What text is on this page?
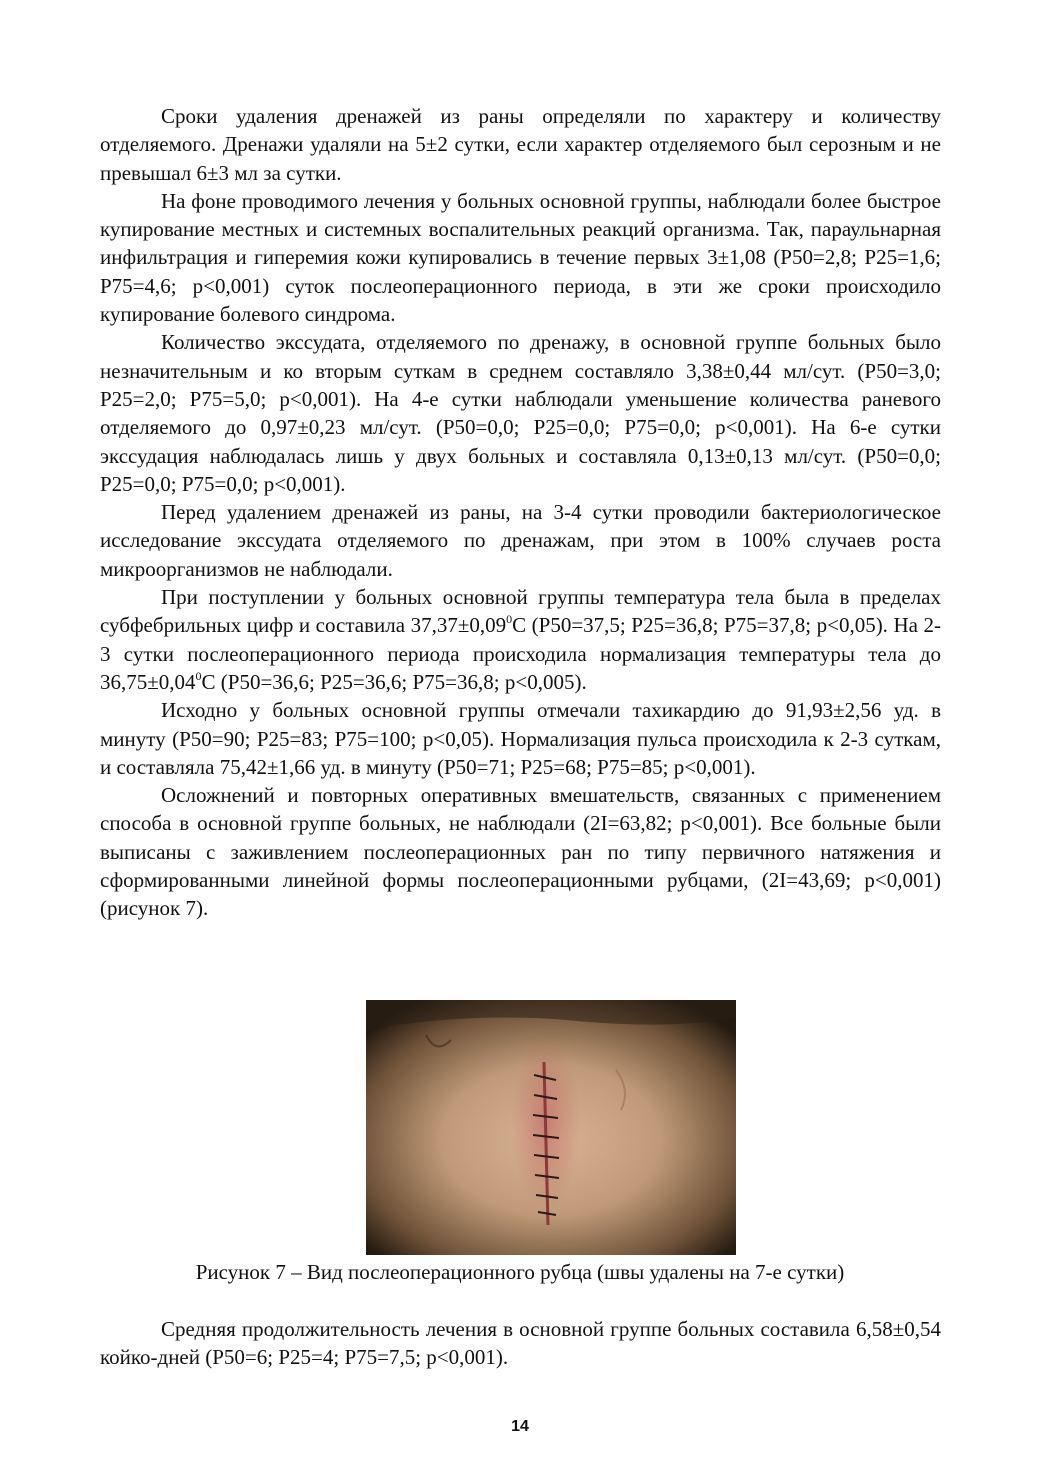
Сроки удаления дренажей из раны определяли по характеру и количеству отделяемого. Дренажи удаляли на 5±2 сутки, если характер отделяемого был серозным и не превышал 6±3 мл за сутки.

На фоне проводимого лечения у больных основной группы, наблюдали более быстрое купирование местных и системных воспалительных реакций организма. Так, параульнарная инфильтрация и гиперемия кожи купировались в течение первых 3±1,08 (P50=2,8; P25=1,6; P75=4,6; p<0,001) суток послеоперационного периода, в эти же сроки происходило купирование болевого синдрома.

Количество экссудата, отделяемого по дренажу, в основной группе больных было незначительным и ко вторым суткам в среднем составляло 3,38±0,44 мл/сут. (P50=3,0; P25=2,0; P75=5,0; p<0,001). На 4-е сутки наблюдали уменьшение количества раневого отделяемого до 0,97±0,23 мл/сут. (P50=0,0; P25=0,0; P75=0,0; p<0,001). На 6-е сутки экссудация наблюдалась лишь у двух больных и составляла 0,13±0,13 мл/сут. (P50=0,0; P25=0,0; P75=0,0; p<0,001).

Перед удалением дренажей из раны, на 3-4 сутки проводили бактериологическое исследование экссудата отделяемого по дренажам, при этом в 100% случаев роста микроорганизмов не наблюдали.

При поступлении у больных основной группы температура тела была в пределах субфебрильных цифр и составила $37,37\pm 0,09^0С$ (P50=37,5; P25=36,8; P75=37,8; p<0,05). На 2-3 сутки послеоперационного периода происходила нормализация температуры тела до $36,75\pm 0,04^0С$ (P50=36,6; P25=36,6; P75=36,8; p<0,005).

Исходно у больных основной группы отмечали тахикардию до 91,93±2,56 уд. в минуту (P50=90; P25=83; P75=100; p<0,05). Нормализация пульса происходила к 2-3 суткам, и составляла 75,42±1,66 уд. в минуту (P50=71; P25=68; P75=85; p<0,001).

Осложнений и повторных оперативных вмешательств, связанных с применением способа в основной группе больных, не наблюдали (2I=63,82; p<0,001). Все больные были выписаны с заживлением послеоперационных ран по типу первичного натяжения и сформированными линейной формы послеоперационными рубцами, (2I=43,69; p<0,001) (рисунок 7).

Рисунок 7 – Вид послеоперационного рубца (швы удалены на 7-е сутки)

Средняя продолжительность лечения в основной группе больных составила 6,58±0,54 койко-дней (P50=6; P25=4; P75=7,5; p<0,001).

14
